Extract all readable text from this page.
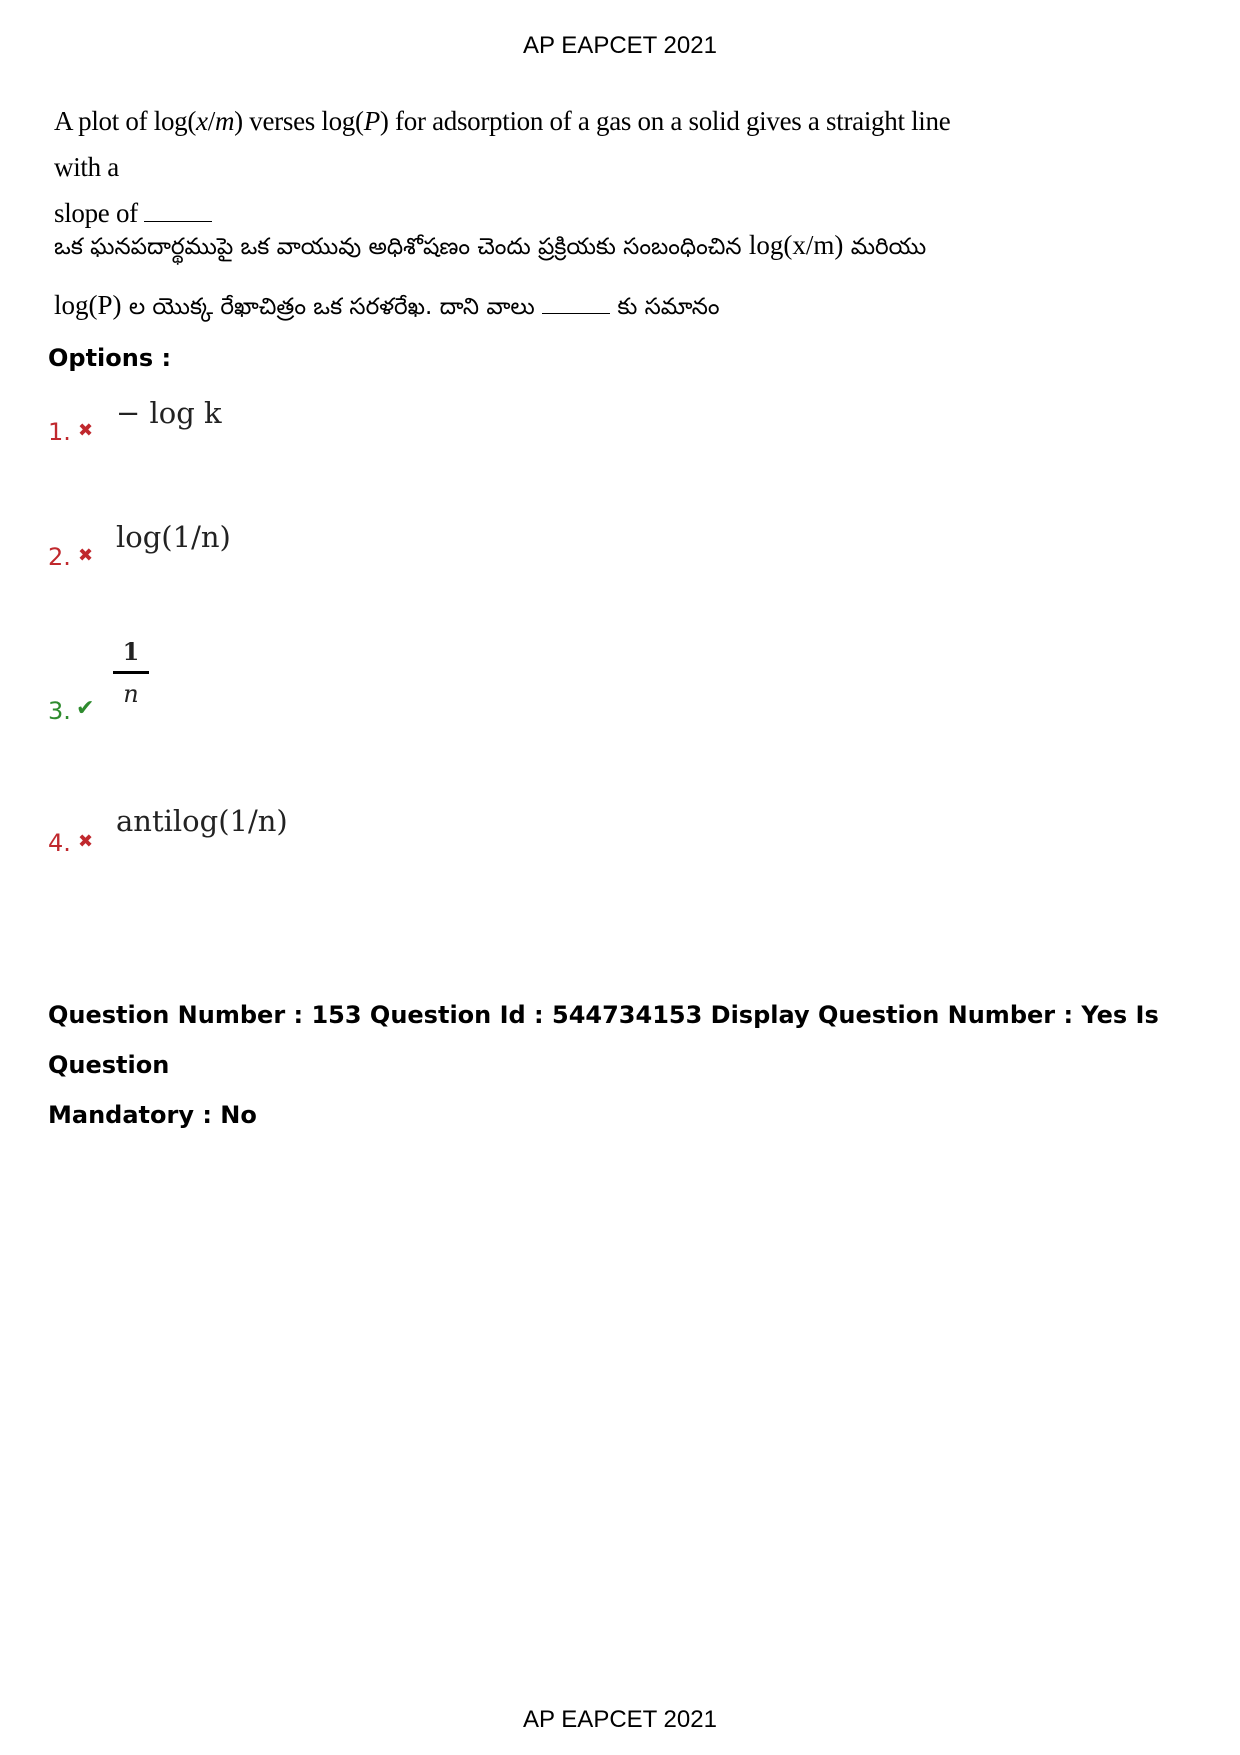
AP EAPCET 2021
A plot of log(x/m) verses log(P) for adsorption of a gas on a solid gives a straight line with a
slope of
ఒక ఘనపదార్థముపై ఒక వాయువు అధిశోషణం చెందు ప్రక్రియకు సంబంధించిన log(x/m) మరియు
log(P) ల యొక్క రేఖాచిత్రం ఒక సరళరేఖ. దాని వాలు	కు సమానం
Options :
1. ✖
− log k
2. ✖
log(1/n)
3. ✔
1
n
4. ✖
antilog(1/n)
Question Number : 153 Question Id : 544734153 Display Question Number : Yes Is Question
Mandatory : No
AP EAPCET 2021
